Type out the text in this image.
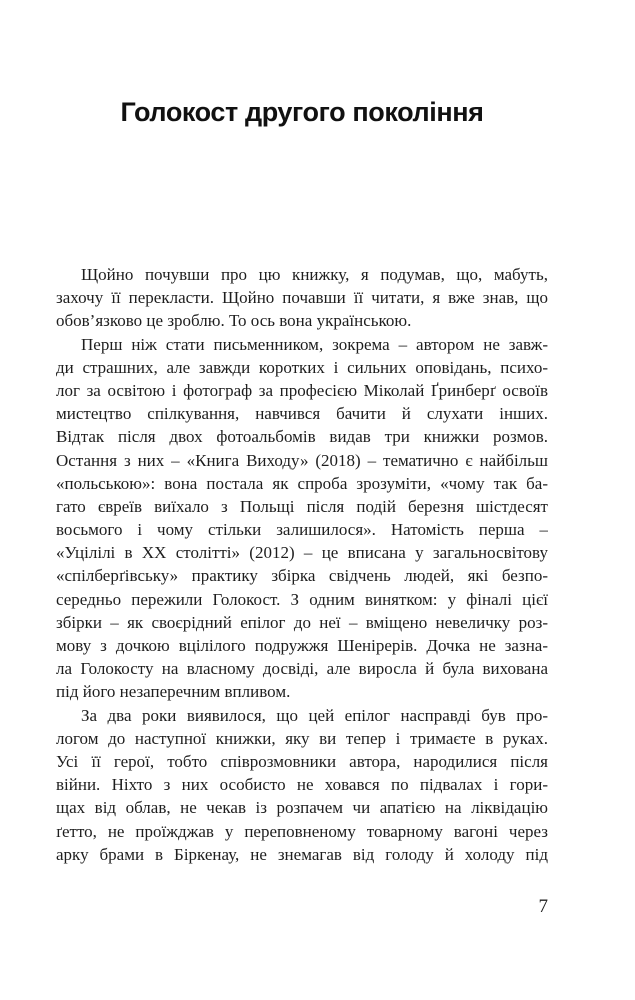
Голокост другого покоління
Щойно почувши про цю книжку, я подумав, що, мабуть,
захочу її перекласти. Щойно почавши її читати, я вже знав, що
обов’язково це зроблю. То ось вона українською.
Перш ніж стати письменником, зокрема – автором не завж-
ди страшних, але завжди коротких і сильних оповідань, психо-
лог за освітою і фотограф за професією Міколай Ґринберґ освоїв
мистецтво спілкування, навчився бачити й слухати інших.
Відтак після двох фотоальбомів видав три книжки розмов.
Остання з них – «Книга Виходу» (2018) – тематично є найбільш
«польською»: вона постала як спроба зрозуміти, «чому так ба-
гато євреїв виїхало з Польщі після подій березня шістдесят
восьмого і чому стільки залишилося». Натомість перша –
«Уцілілі в XX столітті» (2012) – це вписана у загальносвітову
«спілберґівську» практику збірка свідчень людей, які безпо-
середньо пережили Голокост. З одним винятком: у фіналі цієї
збірки – як своєрідний епілог до неї – вміщено невеличку роз-
мову з дочкою вцілілого подружжя Шенірерів. Дочка не зазна-
ла Голокосту на власному досвіді, але виросла й була вихована
під його незаперечним впливом.
За два роки виявилося, що цей епілог насправді був про-
логом до наступної книжки, яку ви тепер і тримаєте в руках.
Усі її герої, тобто співрозмовники автора, народилися після
війни. Ніхто з них особисто не ховався по підвалах і гори-
щах від облав, не чекав із розпачем чи апатією на ліквідацію
ґетто, не проїжджав у переповненому товарному вагоні через
арку брами в Біркенау, не знемагав від голоду й холоду під
7
